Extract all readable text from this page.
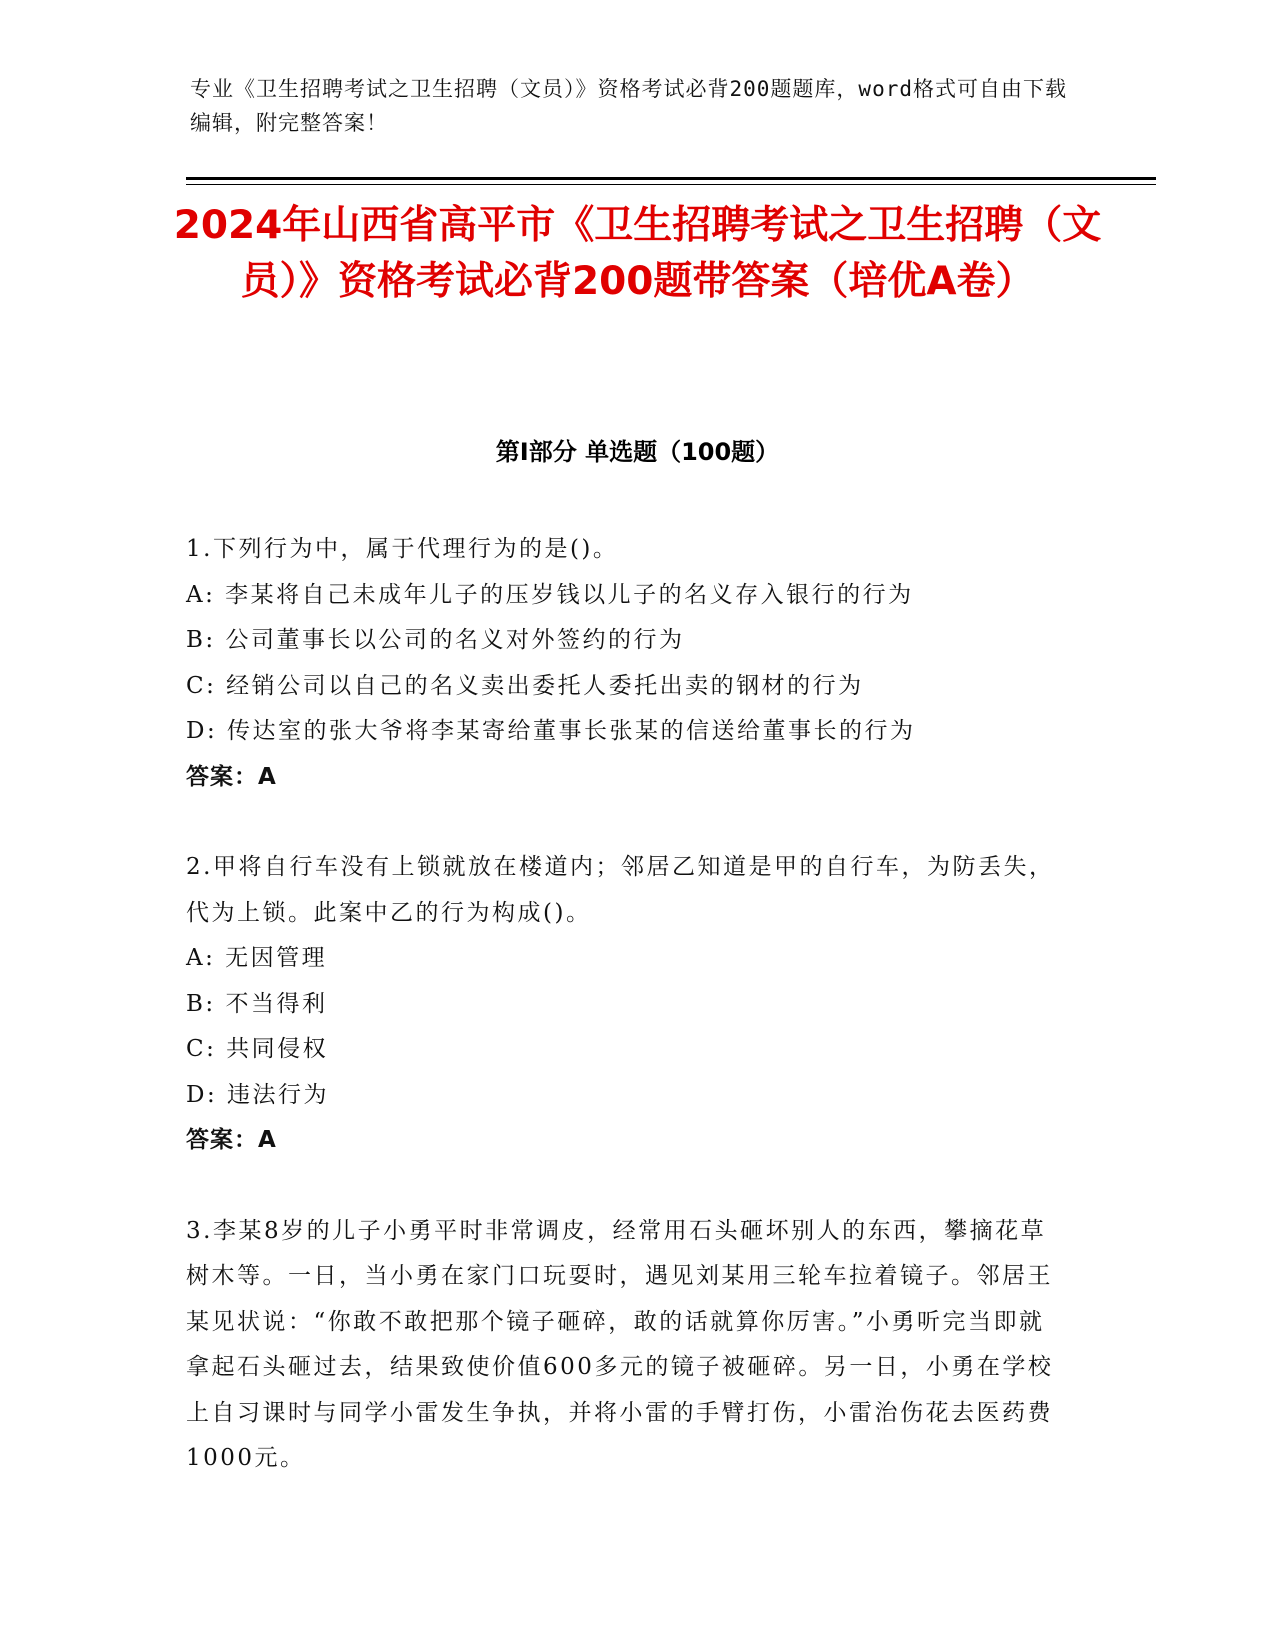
专业《卫生招聘考试之卫生招聘（文员）》资格考试必背200题题库，word格式可自由下载编辑，附完整答案！
2024年山西省高平市《卫生招聘考试之卫生招聘（文员）》资格考试必背200题带答案（培优A卷）
第I部分 单选题（100题）

1.下列行为中，属于代理行为的是()。

A: 李某将自己未成年儿子的压岁钱以儿子的名义存入银行的行为

B: 公司董事长以公司的名义对外签约的行为

C: 经销公司以自己的名义卖出委托人委托出卖的钢材的行为

D: 传达室的张大爷将李某寄给董事长张某的信送给董事长的行为

答案：A

2.甲将自行车没有上锁就放在楼道内；邻居乙知道是甲的自行车，为防丢失，代为上锁。此案中乙的行为构成()。

A: 无因管理

B: 不当得利

C: 共同侵权

D: 违法行为

答案：A

3.李某8岁的儿子小勇平时非常调皮，经常用石头砸坏别人的东西，攀摘花草树木等。一日，当小勇在家门口玩耍时，遇见刘某用三轮车拉着镜子。邻居王某见状说：“你敢不敢把那个镜子砸碎，敢的话就算你厉害。”小勇听完当即就拿起石头砸过去，结果致使价值600多元的镜子被砸碎。另一日，小勇在学校上自习课时与同学小雷发生争执，并将小雷的手臂打伤，小雷治伤花去医药费1000元。
